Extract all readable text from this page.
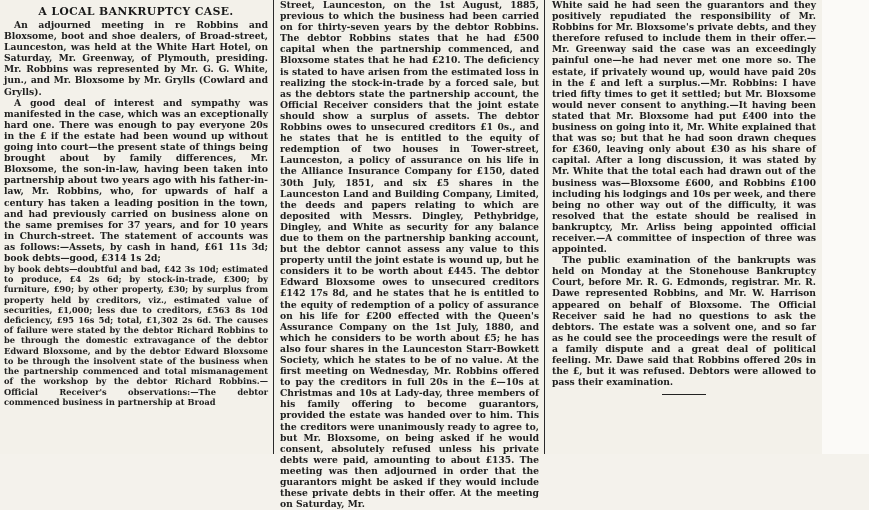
A LOCAL BANKRUPTCY CASE.

An adjourned meeting in re Robbins and Bloxsome, boot and shoe dealers, of Broad-street, Launceston, was held at the White Hart Hotel, on Saturday, Mr. Greenway, of Plymouth, presiding. Mr. Robbins was represented by Mr. G. G. White, jun., and Mr. Bloxsome by Mr. Grylls (Cowlard and Grylls).

A good deal of interest and sympathy was manifested in the case, which was an exceptionally hard one. There was enough to pay everyone 20s in the £ if the estate had been wound up without going into court—the present state of things being brought about by family differences, Mr. Bloxsome, the son-in-law, having been taken into partnership about two years ago with his father-in-law, Mr. Robbins, who, for upwards of half a century has taken a leading position in the town, and had previously carried on business alone on the same premises for 37 years, and for 10 years in Church-street. The statement of accounts was as follows:—Assets, by cash in hand, £61 11s 3d; book debts—good, £314 1s 2d;

by book debts—doubtful and bad, £42 3s 10d; estimated to produce, £4 2s 6d; by stock-in-trade, £300; by furniture, £90; by other property, £30; by surplus from property held by creditors, viz., estimated value of securities, £1,000; less due to creditors, £563 8s 10d deficiency, £95 16s 5d; total, £1,302 2s 6d. The causes of failure were stated by the debtor Richard Robbins to be through the domestic extravagance of the debtor Edward Bloxsome, and by the debtor Edward Bloxsome to be through the insolvent state of the business when the partnership commenced and total mismanagement of the workshop by the debtor Richard Robbins.—Official Receiver's observations:—The debtor commenced business in partnership at Broad

Street, Launceston, on the 1st August, 1885, previous to which the business had been carried on for thirty-seven years by the debtor Robbins. The debtor Robbins states that he had £500 capital when the partnership commenced, and Bloxsome states that he had £210. The deficiency is stated to have arisen from the estimated loss in realizing the stock-in-trade by a forced sale, but as the debtors state the partnership account, the Official Receiver considers that the joint estate should show a surplus of assets. The debtor Robbins owes to unsecured creditors £1 0s., and he states that he is entitled to the equity of redemption of two houses in Tower-street, Launceston, a policy of assurance on his life in the Alliance Insurance Company for £150, dated 30th July, 1851, and six £5 shares in the Launceston Land and Building Company, Limited, the deeds and papers relating to which are deposited with Messrs. Dingley, Pethybridge, Dingley, and White as security for any balance due to them on the partnership banking account, but the debtor cannot assess any value to this property until the joint estate is wound up, but he considers it to be worth about £445. The debtor Edward Bloxsome owes to unsecured creditors £142 17s 8d, and he states that he is entitled to the equity of redemption of a policy of assurance on his life for £200 effected with the Queen's Assurance Company on the 1st July, 1880, and which he considers to be worth about £5; he has also four shares in the Launceston Starr-Bowkett Society, which he states to be of no value. At the first meeting on Wednesday, Mr. Robbins offered to pay the creditors in full 20s in the £—10s at Christmas and 10s at Lady-day, three members of his family offering to become guarantors, provided the estate was handed over to him. This the creditors were unanimously ready to agree to, but Mr. Bloxsome, on being asked if he would consent, absolutely refused unless his private debts were paid, amounting to about £135. The meeting was then adjourned in order that the guarantors might be asked if they would include these private debts in their offer. At the meeting on Saturday, Mr.

White said he had seen the guarantors and they positively repudiated the responsibility of Mr. Robbins for Mr. Bloxsome's private debts, and they therefore refused to include them in their offer.—Mr. Greenway said the case was an exceedingly painful one—he had never met one more so. The estate, if privately wound up, would have paid 20s in the £ and left a surplus.—Mr. Robbins: I have tried fifty times to get it settled; but Mr. Bloxsome would never consent to anything.—It having been stated that Mr. Bloxsome had put £400 into the business on going into it, Mr. White explained that that was so; but that he had soon drawn cheques for £360, leaving only about £30 as his share of capital. After a long discussion, it was stated by Mr. White that the total each had drawn out of the business was—Bloxsome £600, and Robbins £100 including his lodgings and 10s per week, and there being no other way out of the difficulty, it was resolved that the estate should be realised in bankruptcy, Mr. Arliss being appointed official receiver.—A committee of inspection of three was appointed.

The public examination of the bankrupts was held on Monday at the Stonehouse Bankruptcy Court, before Mr. R. G. Edmonds, registrar. Mr. R. Dawe represented Robbins, and Mr. W. Harrison appeared on behalf of Bloxsome. The Official Receiver said he had no questions to ask the debtors. The estate was a solvent one, and so far as he could see the proceedings were the result of a family dispute and a great deal of political feeling. Mr. Dawe said that Robbins offered 20s in the £, but it was refused. Debtors were allowed to pass their examination.
